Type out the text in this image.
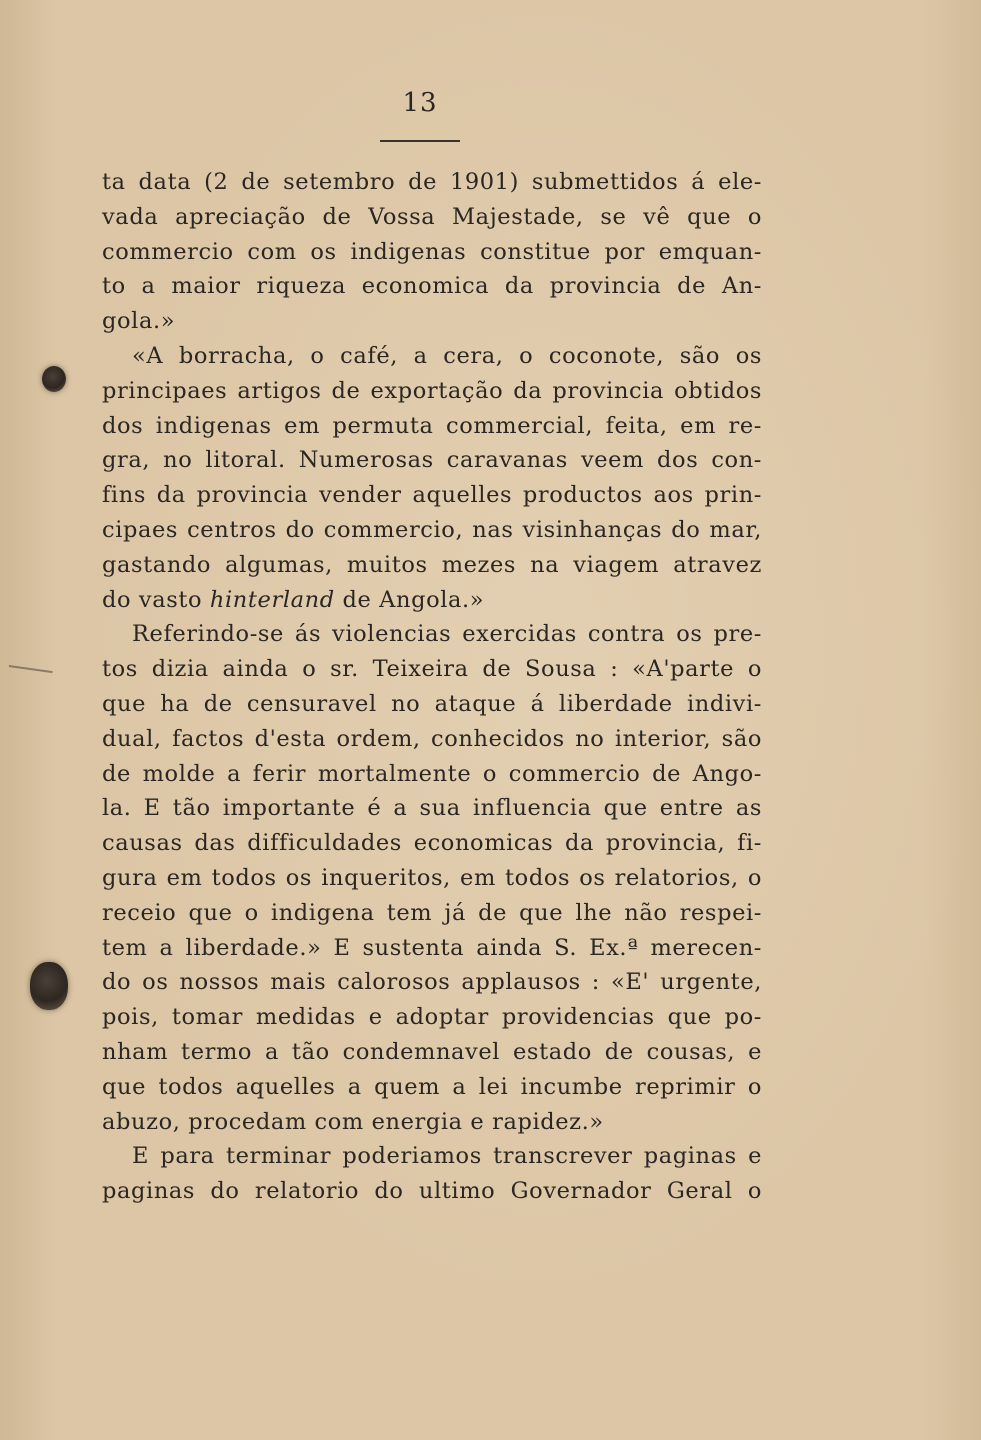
13
ta data (2 de setembro de 1901) submettidos á ele-
vada apreciação de Vossa Majestade, se vê que o
commercio com os indigenas constitue por emquan-
to a maior riqueza economica da provincia de An-
gola.»
«A borracha, o café, a cera, o coconote, são os
principaes artigos de exportação da provincia obtidos
dos indigenas em permuta commercial, feita, em re-
gra, no litoral. Numerosas caravanas veem dos con-
fins da provincia vender aquelles productos aos prin-
cipaes centros do commercio, nas visinhanças do mar,
gastando algumas, muitos mezes na viagem atravez
do vasto hinterland de Angola.»
Referindo-se ás violencias exercidas contra os pre-
tos dizia ainda o sr. Teixeira de Sousa : «A'parte o
que ha de censuravel no ataque á liberdade indivi-
dual, factos d'esta ordem, conhecidos no interior, são
de molde a ferir mortalmente o commercio de Ango-
la. E tão importante é a sua influencia que entre as
causas das difficuldades economicas da provincia, fi-
gura em todos os inqueritos, em todos os relatorios, o
receio que o indigena tem já de que lhe não respei-
tem a liberdade.» E sustenta ainda S. Ex.ª merecen-
do os nossos mais calorosos applausos : «E' urgente,
pois, tomar medidas e adoptar providencias que po-
nham termo a tão condemnavel estado de cousas, e
que todos aquelles a quem a lei incumbe reprimir o
abuzo, procedam com energia e rapidez.»
E para terminar poderiamos transcrever paginas e
paginas do relatorio do ultimo Governador Geral o
